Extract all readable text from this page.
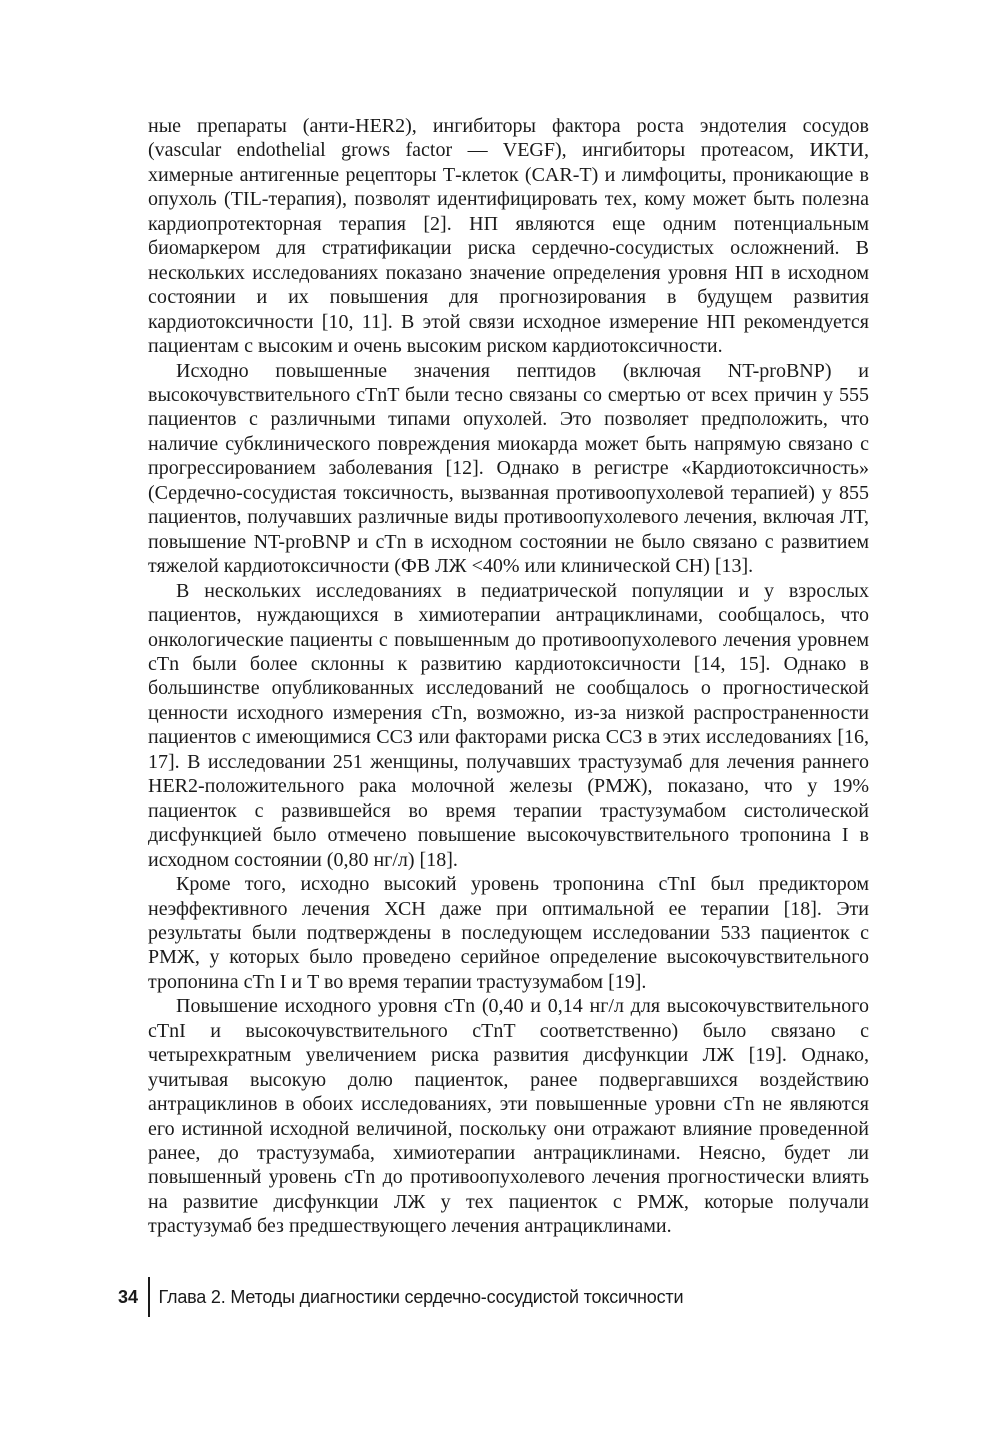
ные препараты (анти-HER2), ингибиторы фактора роста эндотелия сосудов (vascular endothelial grows factor — VEGF), ингибиторы протеасом, ИКТИ, химерные антигенные рецепторы Т-клеток (CAR-T) и лимфоциты, проникающие в опухоль (TIL-терапия), позволят идентифицировать тех, кому может быть полезна кардиопротекторная терапия [2]. НП являются еще одним потенциальным биомаркером для стратификации риска сердечно-сосудистых осложнений. В нескольких исследованиях показано значение определения уровня НП в исходном состоянии и их повышения для прогнозирования в будущем развития кардиотоксичности [10, 11]. В этой связи исходное измерение НП рекомендуется пациентам с высоким и очень высоким риском кардиотоксичности.

Исходно повышенные значения пептидов (включая NT-proBNP) и высокочувствительного cTnT были тесно связаны со смертью от всех причин у 555 пациентов с различными типами опухолей. Это позволяет предположить, что наличие субклинического повреждения миокарда может быть напрямую связано с прогрессированием заболевания [12]. Однако в регистре «Кардиотоксичность» (Сердечно-сосудистая токсичность, вызванная противоопухолевой терапией) у 855 пациентов, получавших различные виды противоопухолевого лечения, включая ЛТ, повышение NT-proBNP и cTn в исходном состоянии не было связано с развитием тяжелой кардиотоксичности (ФВ ЛЖ <40% или клинической СН) [13].

В нескольких исследованиях в педиатрической популяции и у взрослых пациентов, нуждающихся в химиотерапии антрациклинами, сообщалось, что онкологические пациенты с повышенным до противоопухолевого лечения уровнем cTn были более склонны к развитию кардиотоксичности [14, 15]. Однако в большинстве опубликованных исследований не сообщалось о прогностической ценности исходного измерения cTn, возможно, из-за низкой распространенности пациентов с имеющимися ССЗ или факторами риска ССЗ в этих исследованиях [16, 17]. В исследовании 251 женщины, получавших трастузумаб для лечения раннего HER2-положительного рака молочной железы (РМЖ), показано, что у 19% пациенток с развившейся во время терапии трастузумабом систолической дисфункцией было отмечено повышение высокочувствительного тропонина I в исходном состоянии (0,80 нг/л) [18].

Кроме того, исходно высокий уровень тропонина cTnI был предиктором неэффективного лечения ХСН даже при оптимальной ее терапии [18]. Эти результаты были подтверждены в последующем исследовании 533 пациенток с РМЖ, у которых было проведено серийное определение высокочувствительного тропонина cTn I и T во время терапии трастузумабом [19].

Повышение исходного уровня cTn (0,40 и 0,14 нг/л для высокочувствительного cTnI и высокочувствительного cTnT соответственно) было связано с четырехкратным увеличением риска развития дисфункции ЛЖ [19]. Однако, учитывая высокую долю пациенток, ранее подвергавшихся воздействию антрациклинов в обоих исследованиях, эти повышенные уровни cTn не являются его истинной исходной величиной, поскольку они отражают влияние проведенной ранее, до трастузумаба, химиотерапии антрациклинами. Неясно, будет ли повышенный уровень cTn до противоопухолевого лечения прогностически влиять на развитие дисфункции ЛЖ у тех пациенток с РМЖ, которые получали трастузумаб без предшествующего лечения антрациклинами.

34 Глава 2. Методы диагностики сердечно-сосудистой токсичности
